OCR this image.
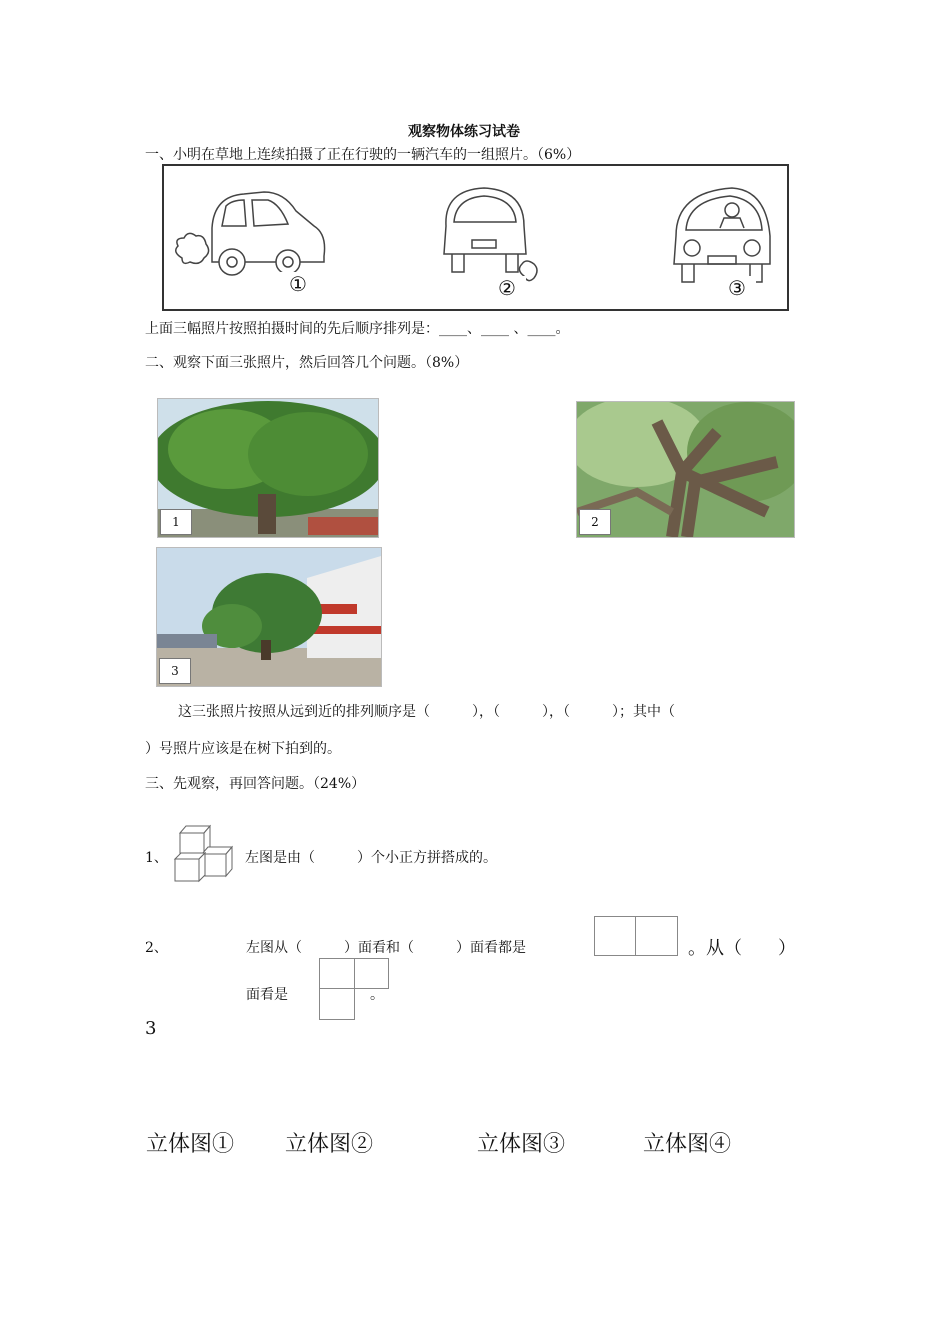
观察物体练习试卷
一、小明在草地上连续拍摄了正在行驶的一辆汽车的一组照片。（6%）
①	②	③
上面三幅照片按照拍摄时间的先后顺序排列是：____、____ 、____。
二、观察下面三张照片，然后回答几个问题。（8%）
1	2
3
这三张照片按照从远到近的排列顺序是（　　　），（　　　），（　　　）；其中（
）号照片应该是在树下拍到的。
三、先观察，再回答问题。（24%）
1、	左图是由（　　　）个小正方拼搭成的。
2、	左图从（　　　）面看和（　　　）面看都是	。从（　　）
面看是	。
3
立体图① 立体图②	立体图③	立体图④
